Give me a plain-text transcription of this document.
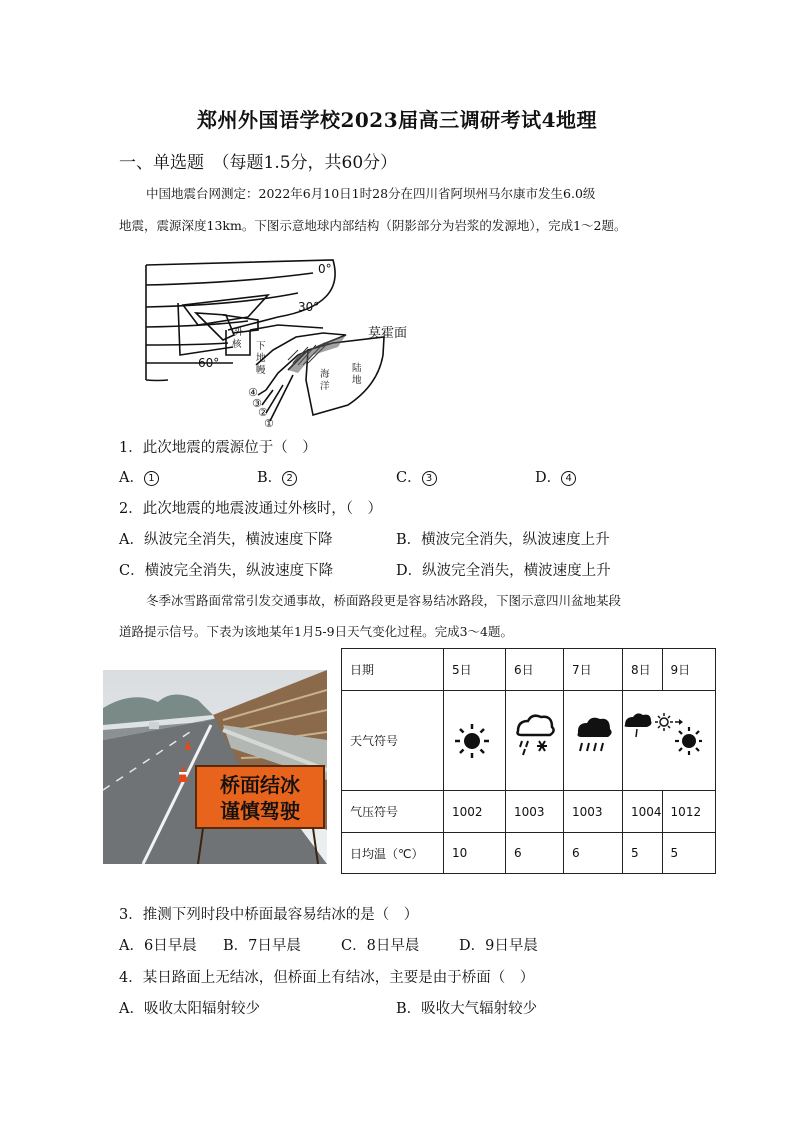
郑州外国语学校2023届高三调研考试4地理
一、单选题　（每题1.5分，共60分）
中国地震台网测定：2022年6月10日1时28分在四川省阿坝州马尔康市发生6.0级
地震，震源深度13km。下图示意地球内部结构（阴影部分为岩浆的发源地），完成1～2题。
0°
30°
60°
莫霍面
外
核 下
地
幔	海
洋
陆
地
④
③
②
①
1．此次地震的震源位于（　）
A． 1	B． 2	C． 3	D． 4
2．此次地震的地震波通过外核时，（　）
A．纵波完全消失，横波速度下降	B．横波完全消失，纵波速度上升
C．横波完全消失，纵波速度下降	D．纵波完全消失，横波速度上升
冬季冰雪路面常常引发交通事故，桥面路段更是容易结冰路段，下图示意四川盆地某段
道路提示信号。下表为该地某年1月5-9日天气变化过程。完成3～4题。
桥面结冰
谨慎驾驶
日期	5日	6日	7日	8日	9日
天气符号				
气压符号	1002	1003	1003	1004	1012
日均温（℃）	10	6	6	5	5
3．推测下列时段中桥面最容易结冰的是（　）
A．6日早晨 B．7日早晨	C．8日早晨	D．9日早晨
4．某日路面上无结冰，但桥面上有结冰，主要是由于桥面（　）
A．吸收太阳辐射较少	B．吸收大气辐射较少
